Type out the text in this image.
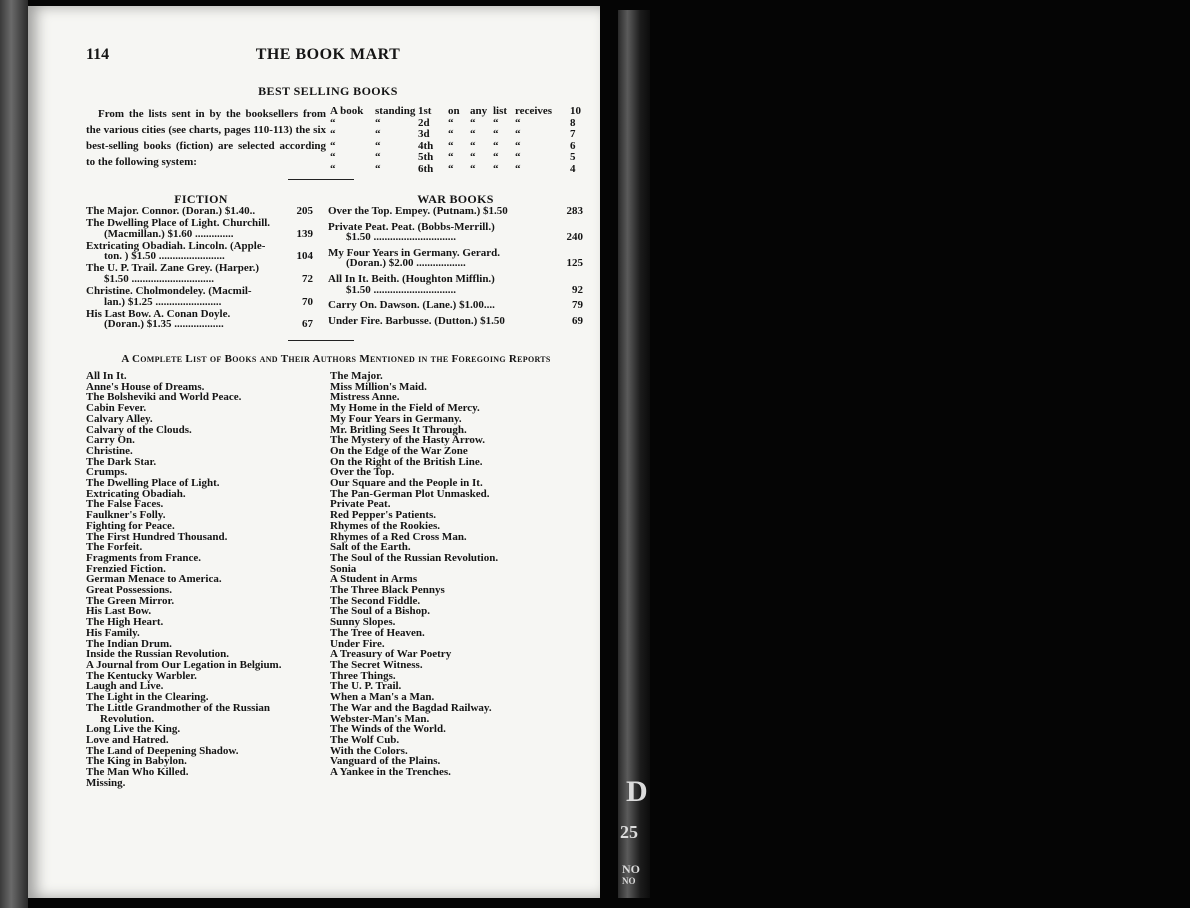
D
25
NO
NO
114	THE BOOK MART
BEST SELLING BOOKS
From the lists sent in by the booksellers from the various cities (see charts, pages 110-113) the six best-selling books (fiction) are selected according to the following system:
A book standing 1st on any list receives 10
“	“	2d “ “ “ “	8
“	“	3d “ “ “ “	7
“	“	4th “ “ “ “	6
“	“	5th “ “ “ “	5
“	“	6th “ “ “ “	4
FICTION
The Major. Connor. (Doran.) $1.40..	205
The Dwelling Place of Light. Churchill.
(Macmillan.) $1.60 ..............	139
Extricating Obadiah. Lincoln. (Apple-
ton. ) $1.50 ........................	104
The U. P. Trail. Zane Grey. (Harper.)
$1.50 ..............................	72
Christine. Cholmondeley. (Macmil-
lan.) $1.25 ........................	70
His Last Bow. A. Conan Doyle.
(Doran.) $1.35 ..................	67
WAR BOOKS
Over the Top. Empey. (Putnam.) $1.50	283
Private Peat. Peat. (Bobbs-Merrill.)
$1.50 ..............................	240
My Four Years in Germany. Gerard.
(Doran.) $2.00 ..................	125
All In It. Beith. (Houghton Mifflin.)
$1.50 ..............................	92
Carry On. Dawson. (Lane.) $1.00....	79
Under Fire. Barbusse. (Dutton.) $1.50	69
A Complete List of Books and Their Authors Mentioned in the Foregoing Reports
All In It.
Anne's House of Dreams.
The Bolsheviki and World Peace.
Cabin Fever.
Calvary Alley.
Calvary of the Clouds.
Carry On.
Christine.
The Dark Star.
Crumps.
The Dwelling Place of Light.
Extricating Obadiah.
The False Faces.
Faulkner's Folly.
Fighting for Peace.
The First Hundred Thousand.
The Forfeit.
Fragments from France.
Frenzied Fiction.
German Menace to America.
Great Possessions.
The Green Mirror.
His Last Bow.
The High Heart.
His Family.
The Indian Drum.
Inside the Russian Revolution.
A Journal from Our Legation in Belgium.
The Kentucky Warbler.
Laugh and Live.
The Light in the Clearing.
The Little Grandmother of the Russian
Revolution.
Long Live the King.
Love and Hatred.
The Land of Deepening Shadow.
The King in Babylon.
The Man Who Killed.
Missing.
The Major.
Miss Million's Maid.
Mistress Anne.
My Home in the Field of Mercy.
My Four Years in Germany.
Mr. Britling Sees It Through.
The Mystery of the Hasty Arrow.
On the Edge of the War Zone
On the Right of the British Line.
Over the Top.
Our Square and the People in It.
The Pan-German Plot Unmasked.
Private Peat.
Red Pepper's Patients.
Rhymes of the Rookies.
Rhymes of a Red Cross Man.
Salt of the Earth.
The Soul of the Russian Revolution.
Sonia
A Student in Arms
The Three Black Pennys
The Second Fiddle.
The Soul of a Bishop.
Sunny Slopes.
The Tree of Heaven.
Under Fire.
A Treasury of War Poetry
The Secret Witness.
Three Things.
The U. P. Trail.
When a Man's a Man.
The War and the Bagdad Railway.
Webster-Man's Man.
The Winds of the World.
The Wolf Cub.
With the Colors.
Vanguard of the Plains.
A Yankee in the Trenches.
